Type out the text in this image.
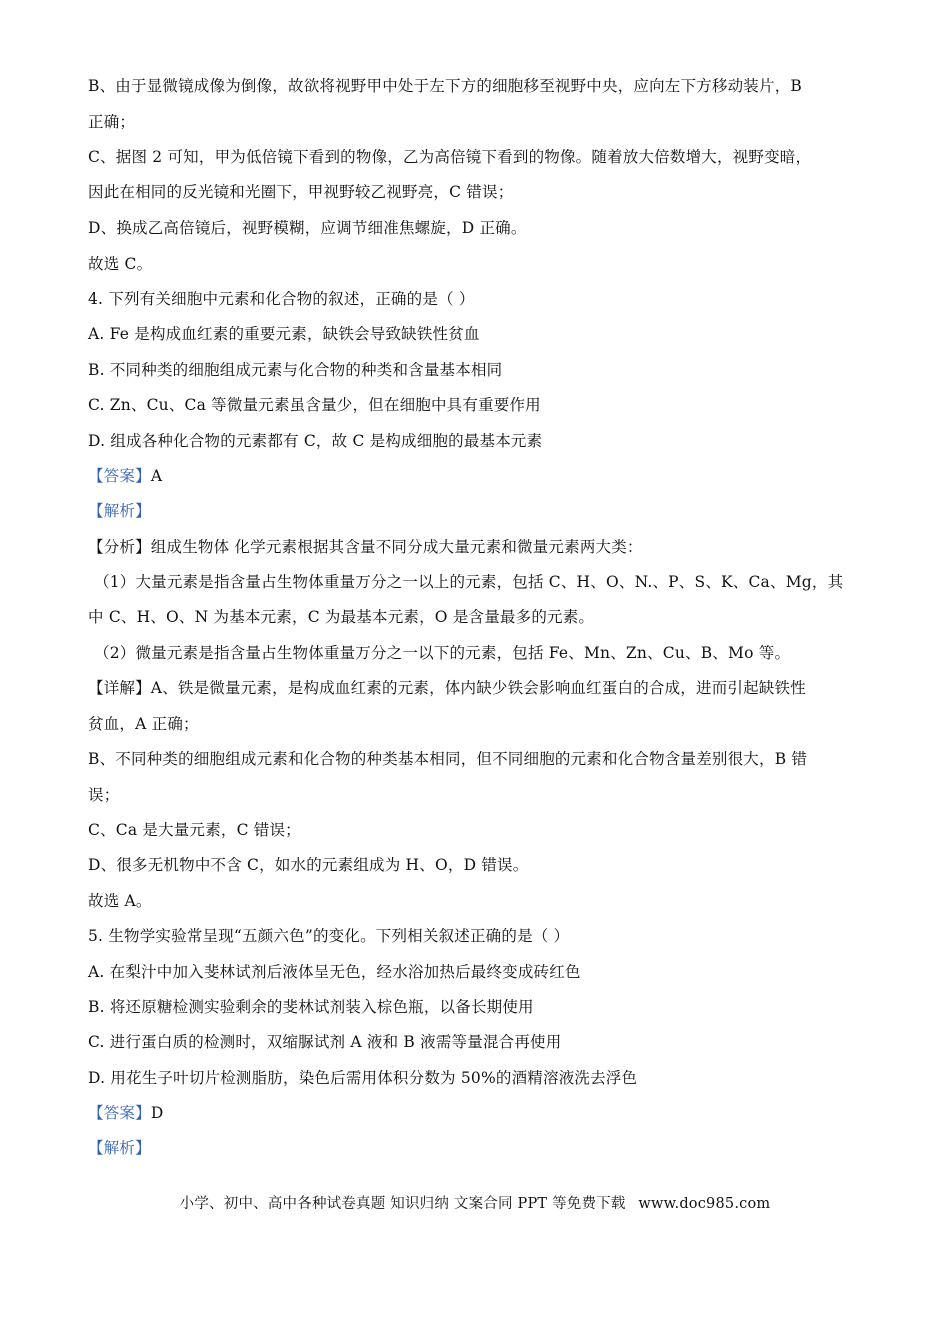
B、由于显微镜成像为倒像，故欲将视野甲中处于左下方的细胞移至视野中央，应向左下方移动装片，B
正确；
C、据图 2 可知，甲为低倍镜下看到的物像，乙为高倍镜下看到的物像。随着放大倍数增大，视野变暗，
因此在相同的反光镜和光圈下，甲视野较乙视野亮，C 错误；
D、换成乙高倍镜后，视野模糊，应调节细准焦螺旋，D 正确。
故选 C。
4. 下列有关细胞中元素和化合物的叙述，正确的是（ ）
A. Fe 是构成血红素的重要元素，缺铁会导致缺铁性贫血
B. 不同种类的细胞组成元素与化合物的种类和含量基本相同
C. Zn、Cu、Ca 等微量元素虽含量少，但在细胞中具有重要作用
D. 组成各种化合物的元素都有 C，故 C 是构成细胞的最基本元素
【答案】A
【解析】
【分析】组成生物体 化学元素根据其含量不同分成大量元素和微量元素两大类：
（1）大量元素是指含量占生物体重量万分之一以上的元素，包括 C、H、O、N.、P、S、K、Ca、Mg，其
中 C、H、O、N 为基本元素，C 为最基本元素，O 是含量最多的元素。
（2）微量元素是指含量占生物体重量万分之一以下的元素，包括 Fe、Mn、Zn、Cu、B、Mo 等。
【详解】A、铁是微量元素，是构成血红素的元素，体内缺少铁会影响血红蛋白的合成，进而引起缺铁性
贫血，A 正确；
B、不同种类的细胞组成元素和化合物的种类基本相同，但不同细胞的元素和化合物含量差别很大，B 错
误；
C、Ca 是大量元素，C 错误；
D、很多无机物中不含 C，如水的元素组成为 H、O，D 错误。
故选 A。
5. 生物学实验常呈现“五颜六色”的变化。下列相关叙述正确的是（ ）
A. 在梨汁中加入斐林试剂后液体呈无色，经水浴加热后最终变成砖红色
B. 将还原糖检测实验剩余的斐林试剂装入棕色瓶，以备长期使用
C. 进行蛋白质的检测时，双缩脲试剂 A 液和 B 液需等量混合再使用
D. 用花生子叶切片检测脂肪，染色后需用体积分数为 50%的酒精溶液洗去浮色
【答案】D
【解析】
小学、初中、高中各种试卷真题 知识归纳 文案合同 PPT 等免费下载 www.doc985.com
